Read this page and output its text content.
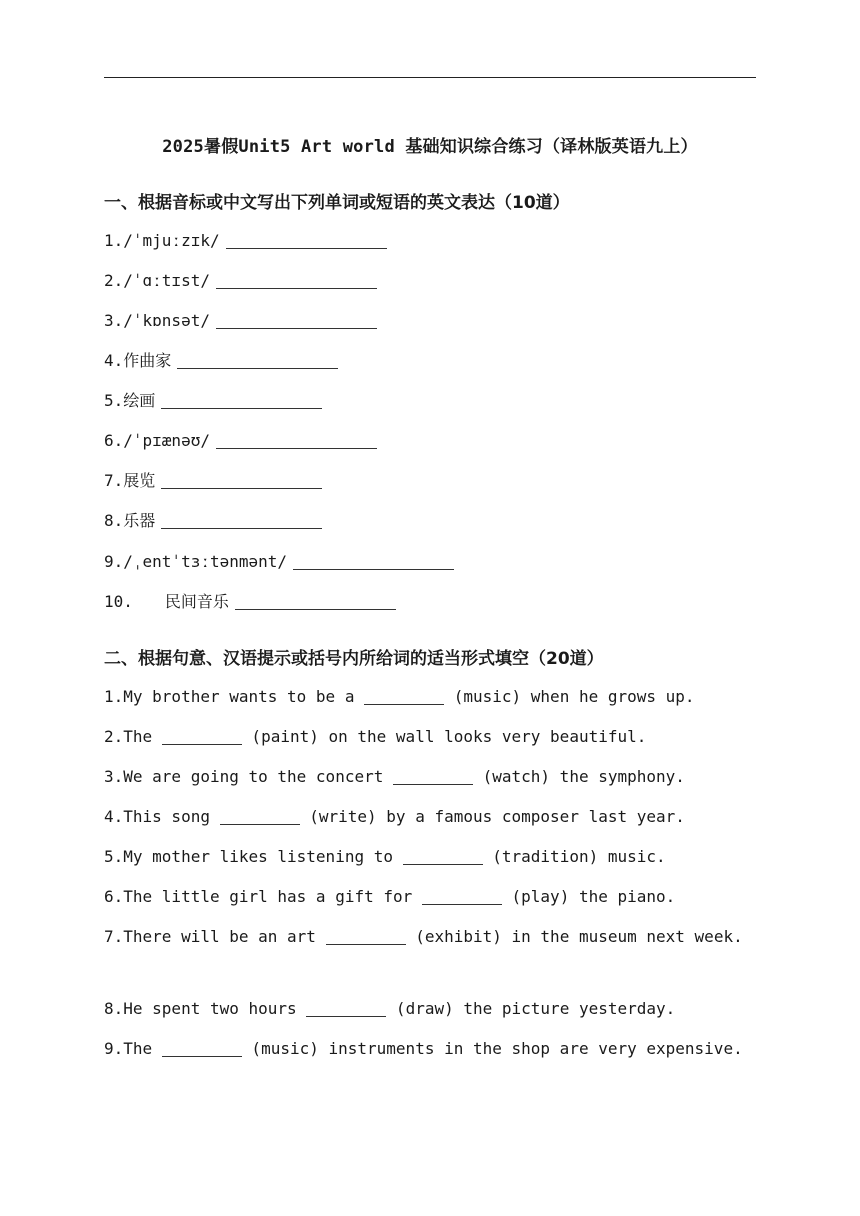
2025暑假Unit5 Art world 基础知识综合练习（译林版英语九上）
一、根据音标或中文写出下列单词或短语的英文表达（10道）
1./ˈmjuːzɪk/
2./ˈɑːtɪst/
3./ˈkɒnsət/
4.作曲家
5.绘画
6./ˈpɪænəʊ/
7.展览
8.乐器
9./ˌentˈtɜːtənmənt/
10. 民间音乐
二、根据句意、汉语提示或括号内所给词的适当形式填空（20道）
1.My brother wants to be a	(music) when he grows up.
2.The	(paint) on the wall looks very beautiful.
3.We are going to the concert	(watch) the symphony.
4.This song	(write) by a famous composer last year.
5.My mother likes listening to	(tradition) music.
6.The little girl has a gift for	(play) the piano.
7.There will be an art	(exhibit) in the museum next week.
8.He spent two hours	(draw) the picture yesterday.
9.The	(music) instruments in the shop are very expensive.
